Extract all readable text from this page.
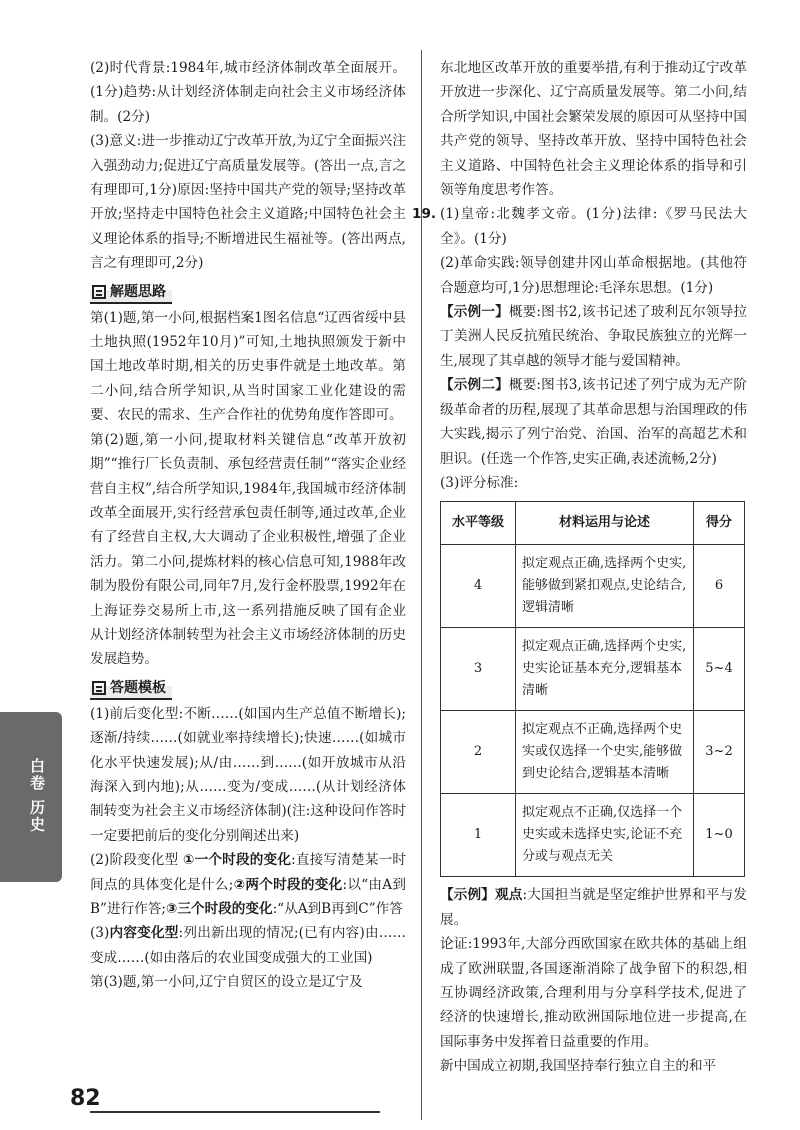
(2)时代背景:1984年,城市经济体制改革全面展开。(1分)趋势:从计划经济体制走向社会主义市场经济体制。(2分)

(3)意义:进一步推动辽宁改革开放,为辽宁全面振兴注入强劲动力;促进辽宁高质量发展等。(答出一点,言之有理即可,1分)原因:坚持中国共产党的领导;坚持改革开放;坚持走中国特色社会主义道路;中国特色社会主义理论体系的指导;不断增进民生福祉等。(答出两点,言之有理即可,2分)

解题思路

第(1)题,第一小问,根据档案1图名信息“辽西省绥中县土地执照(1952年10月)”可知,土地执照颁发于新中国土地改革时期,相关的历史事件就是土地改革。第二小问,结合所学知识,从当时国家工业化建设的需要、农民的需求、生产合作社的优势角度作答即可。

第(2)题,第一小问,提取材料关键信息“改革开放初期”“推行厂长负责制、承包经营责任制”“落实企业经营自主权”,结合所学知识,1984年,我国城市经济体制改革全面展开,实行经营承包责任制等,通过改革,企业有了经营自主权,大大调动了企业积极性,增强了企业活力。第二小问,提炼材料的核心信息可知,1988年改制为股份有限公司,同年7月,发行金杯股票,1992年在上海证券交易所上市,这一系列措施反映了国有企业从计划经济体制转型为社会主义市场经济体制的历史发展趋势。

答题模板

(1)前后变化型:不断……(如国内生产总值不断增长);逐渐/持续……(如就业率持续增长);快速……(如城市化水平快速发展);从/由……到……(如开放城市从沿海深入到内地);从……变为/变成……(从计划经济体制转变为社会主义市场经济体制)(注:这种设问作答时一定要把前后的变化分别阐述出来)

(2)阶段变化型 ①一个时段的变化:直接写清楚某一时间点的具体变化是什么;②两个时段的变化:以“由A到B”进行作答;③三个时段的变化:“从A到B再到C”作答

(3)内容变化型:列出新出现的情况;(已有内容)由……变成……(如由落后的农业国变成强大的工业国)

第(3)题,第一小问,辽宁自贸区的设立是辽宁及

东北地区改革开放的重要举措,有利于推动辽宁改革开放进一步深化、辽宁高质量发展等。第二小问,结合所学知识,中国社会繁荣发展的原因可从坚持中国共产党的领导、坚持改革开放、坚持中国特色社会主义道路、中国特色社会主义理论体系的指导和引领等角度思考作答。

19. (1)皇帝:北魏孝文帝。(1分)法律:《罗马民法大全》。(1分)

(2)革命实践:领导创建井冈山革命根据地。(其他符合题意均可,1分)思想理论:毛泽东思想。(1分)

【示例一】概要:图书2,该书记述了玻利瓦尔领导拉丁美洲人民反抗殖民统治、争取民族独立的光辉一生,展现了其卓越的领导才能与爱国精神。

【示例二】概要:图书3,该书记述了列宁成为无产阶级革命者的历程,展现了其革命思想与治国理政的伟大实践,揭示了列宁治党、治国、治军的高超艺术和胆识。(任选一个作答,史实正确,表述流畅,2分)

(3)评分标准:

水平等级	材料运用与论述	得分
4	拟定观点正确,选择两个史实,能够做到紧扣观点,史论结合,逻辑清晰	6
3	拟定观点正确,选择两个史实,史实论证基本充分,逻辑基本清晰	5~4
2	拟定观点不正确,选择两个史实或仅选择一个史实,能够做到史论结合,逻辑基本清晰	3~2
1	拟定观点不正确,仅选择一个史实或未选择史实,论证不充分或与观点无关	1~0

【示例】观点:大国担当就是坚定维护世界和平与发展。

论证:1993年,大部分西欧国家在欧共体的基础上组成了欧洲联盟,各国逐渐消除了战争留下的积怨,相互协调经济政策,合理利用与分享科学技术,促进了经济的快速增长,推动欧洲国际地位进一步提高,在国际事务中发挥着日益重要的作用。

新中国成立初期,我国坚持奉行独立自主的和平

白卷 历史
82
